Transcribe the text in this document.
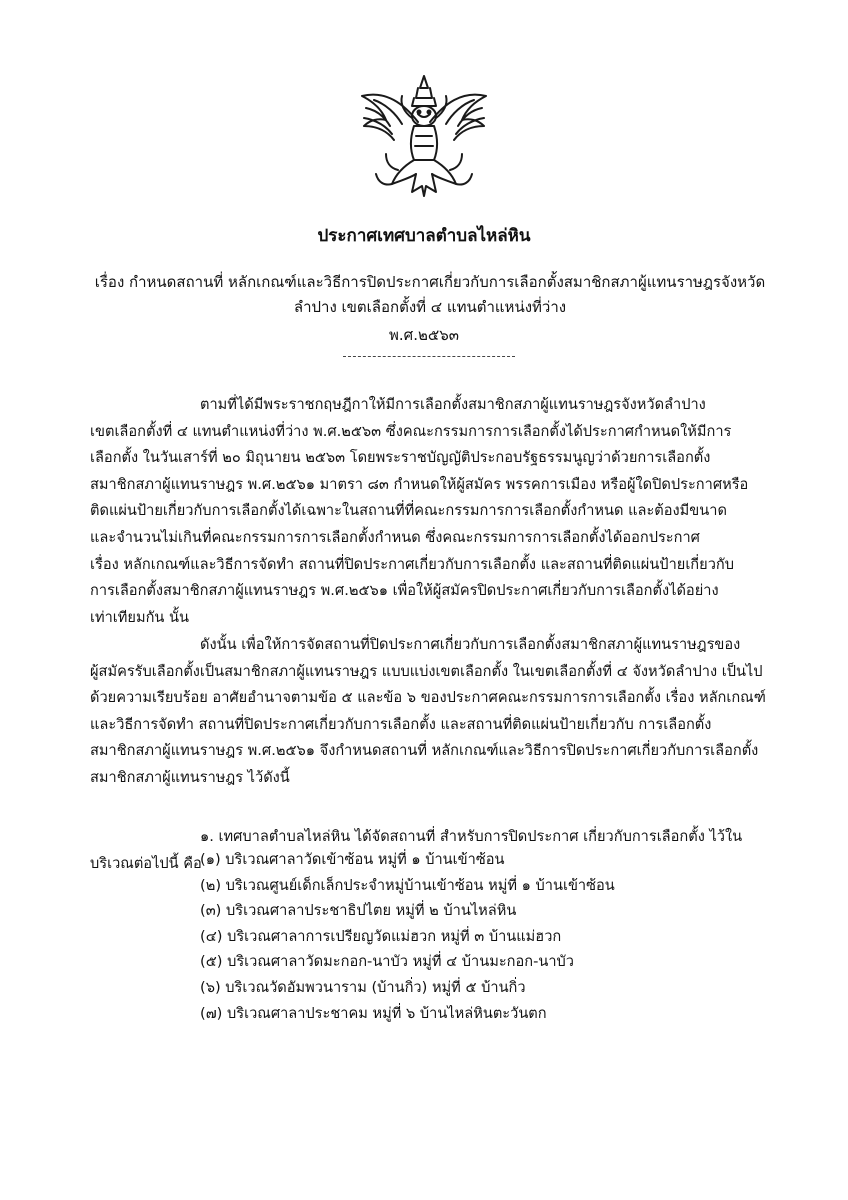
ประกาศเทศบาลตำบลไหล่หิน
เรื่อง กำหนดสถานที่ หลักเกณฑ์และวิธีการปิดประกาศเกี่ยวกับการเลือกตั้งสมาชิกสภาผู้แทนราษฎรจังหวัด
ลำปาง เขตเลือกตั้งที่ ๔ แทนตำแหน่งที่ว่าง
พ.ศ.๒๕๖๓
ตามที่ได้มีพระราชกฤษฎีกาให้มีการเลือกตั้งสมาชิกสภาผู้แทนราษฎรจังหวัดลำปาง
เขตเลือกตั้งที่ ๔ แทนตำแหน่งที่ว่าง พ.ศ.๒๕๖๓ ซึ่งคณะกรรมการการเลือกตั้งได้ประกาศกำหนดให้มีการ
เลือกตั้ง ในวันเสาร์ที่ ๒๐ มิถุนายน ๒๕๖๓ โดยพระราชบัญญัติประกอบรัฐธรรมนูญว่าด้วยการเลือกตั้ง
สมาชิกสภาผู้แทนราษฎร พ.ศ.๒๕๖๑ มาตรา ๘๓ กำหนดให้ผู้สมัคร พรรคการเมือง หรือผู้ใดปิดประกาศหรือ
ติดแผ่นป้ายเกี่ยวกับการเลือกตั้งได้เฉพาะในสถานที่ที่คณะกรรมการการเลือกตั้งกำหนด และต้องมีขนาด
และจำนวนไม่เกินที่คณะกรรมการการเลือกตั้งกำหนด ซึ่งคณะกรรมการการเลือกตั้งได้ออกประกาศ
เรื่อง หลักเกณฑ์และวิธีการจัดทำ สถานที่ปิดประกาศเกี่ยวกับการเลือกตั้ง และสถานที่ติดแผ่นป้ายเกี่ยวกับ
การเลือกตั้งสมาชิกสภาผู้แทนราษฎร พ.ศ.๒๕๖๑ เพื่อให้ผู้สมัครปิดประกาศเกี่ยวกับการเลือกตั้งได้อย่าง
เท่าเทียมกัน นั้น
ดังนั้น เพื่อให้การจัดสถานที่ปิดประกาศเกี่ยวกับการเลือกตั้งสมาชิกสภาผู้แทนราษฎรของ
ผู้สมัครรับเลือกตั้งเป็นสมาชิกสภาผู้แทนราษฎร แบบแบ่งเขตเลือกตั้ง ในเขตเลือกตั้งที่ ๔ จังหวัดลำปาง เป็นไป
ด้วยความเรียบร้อย อาศัยอำนาจตามข้อ ๕ และข้อ ๖ ของประกาศคณะกรรมการการเลือกตั้ง เรื่อง หลักเกณฑ์
และวิธีการจัดทำ สถานที่ปิดประกาศเกี่ยวกับการเลือกตั้ง และสถานที่ติดแผ่นป้ายเกี่ยวกับ การเลือกตั้ง
สมาชิกสภาผู้แทนราษฎร พ.ศ.๒๕๖๑ จึงกำหนดสถานที่ หลักเกณฑ์และวิธีการปิดประกาศเกี่ยวกับการเลือกตั้ง
สมาชิกสภาผู้แทนราษฎร ไว้ดังนี้
๑. เทศบาลตำบลไหล่หิน ได้จัดสถานที่ สำหรับการปิดประกาศ เกี่ยวกับการเลือกตั้ง ไว้ใน
บริเวณต่อไปนี้ คือ
(๑) บริเวณศาลาวัดเข้าซ้อน หมู่ที่ ๑ บ้านเข้าซ้อน
(๒) บริเวณศูนย์เด็กเล็กประจำหมู่บ้านเข้าซ้อน หมู่ที่ ๑ บ้านเข้าซ้อน
(๓) บริเวณศาลาประชาธิปไตย หมู่ที่ ๒ บ้านไหล่หิน
(๔) บริเวณศาลาการเปรียญวัดแม่ฮวก หมู่ที่ ๓ บ้านแม่ฮวก
(๕) บริเวณศาลาวัดมะกอก-นาบัว หมู่ที่ ๔ บ้านมะกอก-นาบัว
(๖) บริเวณวัดอัมพวนาราม (บ้านกิ่ว) หมู่ที่ ๕ บ้านกิ่ว
(๗) บริเวณศาลาประชาคม หมู่ที่ ๖ บ้านไหล่หินตะวันตก
